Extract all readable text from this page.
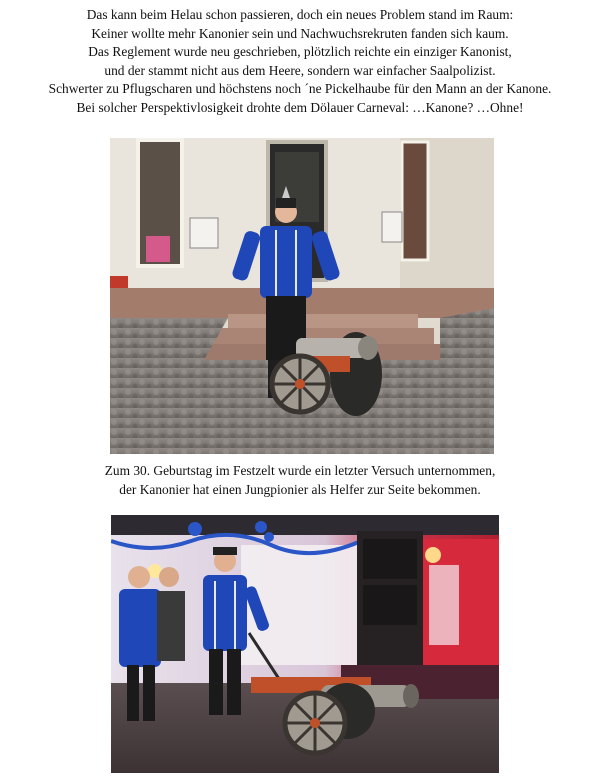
Das kann beim Helau schon passieren, doch ein neues Problem stand im Raum:
Keiner wollte mehr Kanonier sein und Nachwuchsrekruten fanden sich kaum.
Das Reglement wurde neu geschrieben, plötzlich reichte ein einziger Kanonist,
und der stammt nicht aus dem Heere, sondern war einfacher Saalpolizist.
Schwerter zu Pflugscharen und höchstens noch ´ne Pickelhaube für den Mann an der Kanone.
Bei solcher Perspektivlosigkeit drohte dem Dölauer Carneval: …Kanone? …Ohne!
Zum 30. Geburtstag im Festzelt wurde ein letzter Versuch unternommen,
der Kanonier hat einen Jungpionier als Helfer zur Seite bekommen.
